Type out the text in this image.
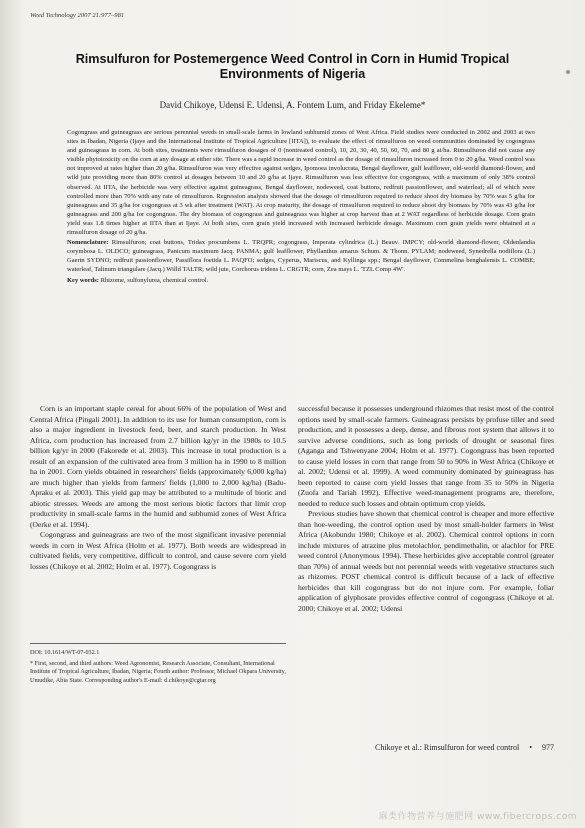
Weed Technology 2007 21:977–981
Rimsulfuron for Postemergence Weed Control in Corn in Humid Tropical
Environments of Nigeria
David Chikoye, Udensi E. Udensi, A. Fontem Lum, and Friday Ekeleme*

Cogongrass and guineagrass are serious perennial weeds in small-scale farms in lowland subhumid zones of West Africa. Field studies were conducted in 2002 and 2003 at two sites in Ibadan, Nigeria (Ijaye and the International Institute of Tropical Agriculture [IITA]), to evaluate the effect of rimsulfuron on weed communities dominated by cogongrass and guineagrass in corn. At both sites, treatments were rimsulfuron dosages of 0 (nontreated control), 10, 20, 30, 40, 50, 60, 70, and 80 g ai/ha. Rimsulfuron did not cause any visible phytotoxicity on the corn at any dosage at either site. There was a rapid increase in weed control as the dosage of rimsulfuron increased from 0 to 20 g/ha. Weed control was not improved at rates higher than 20 g/ha. Rimsulfuron was very effective against sedges, Ipomoea involucrata, Bengal dayflower, gulf leafflower, old-world diamond-flower, and wild jute providing more than 80% control at dosages between 10 and 20 g/ha at Ijaye. Rimsulfuron was less effective for cogongrass, with a maximum of only 38% control observed. At IITA, the herbicide was very effective against guineagrass, Bengal dayflower, nodeweed, coat buttons, redfruit passionflower, and waterleaf; all of which were controlled more than 70% with any rate of rimsulfuron. Regression analysis showed that the dosage of rimsulfuron required to reduce shoot dry biomass by 70% was 5 g/ha for guineagrass and 35 g/ha for cogongrass at 3 wk after treatment (WAT). At crop maturity, the dosage of rimsulfuron required to reduce shoot dry biomass by 70% was 43 g/ha for guineagrass and 200 g/ha for cogongrass. The dry biomass of cogongrass and guineagrass was higher at crop harvest than at 2 WAT regardless of herbicide dosage. Corn grain yield was 1.8 times higher at IITA than at Ijaye. At both sites, corn grain yield increased with increased herbicide dosage. Maximum corn grain yields were obtained at a rimsulfuron dosage of 20 g/ha.

Nomenclature: Rimsulfuron; coat buttons, Tridax procumbens L. TRQPR; cogongrass, Imperata cylindrica (L.) Beauv. IMPCY; old-world diamond-flower, Oldenlandia corymbosa L. OLDCO; guineagrass, Panicum maximum Jacq. PANMA; gulf leafflower, Phyllanthus amarus Schum. & Thonn. PYLAM; nodeweed, Synedrella nodiflora (L.) Gaertn SYDNO; redfruit passionflower, Passiflora foetida L. PAQFO; sedges, Cyperus, Mariscus, and Kyllinga spp.; Bengal dayflower, Commelina benghalensis L. COMBE; waterleaf, Talinum triangulare (Jacq.) Willd TALTR; wild jute, Corchorus tridens L. CRGTR; corn, Zea mays L. 'TZL Comp 4W'.

Key words: Rhizome, sulfonylurea, chemical control.

Corn is an important staple cereal for about 66% of the population of West and Central Africa (Pingali 2001). In addition to its use for human consumption, corn is also a major ingredient in livestock feed, beer, and starch production. In West Africa, corn production has increased from 2.7 billion kg/yr in the 1980s to 10.5 billion kg/yr in 2000 (Fakorede et al. 2003). This increase in total production is a result of an expansion of the cultivated area from 3 million ha in 1990 to 8 million ha in 2001. Corn yields obtained in researchers' fields (approximately 6,000 kg/ha) are much higher than yields from farmers' fields (1,000 to 2,000 kg/ha) (Badu-Apraku et al. 2003). This yield gap may be attributed to a multitude of biotic and abiotic stresses. Weeds are among the most serious biotic factors that limit crop productivity in small-scale farms in the humid and subhumid zones of West Africa (Oerke et al. 1994).

Cogongrass and guineagrass are two of the most significant invasive perennial weeds in corn in West Africa (Holm et al. 1977). Both weeds are widespread in cultivated fields, very competitive, difficult to control, and cause severe corn yield losses (Chikoye et al. 2002; Holm et al. 1977). Cogongrass is

DOI: 10.1614/WT-07-032.1

* First, second, and third authors: Weed Agronomist, Research Associate, Consultant, International Institute of Tropical Agriculture, Ibadan, Nigeria; Fourth author: Professor, Michael Okpara University, Umudike, Abia State. Corresponding author's E-mail: d.chikoye@cgiar.org

successful because it possesses underground rhizomes that resist most of the control options used by small-scale farmers. Guineagrass persists by profuse tiller and seed production, and it possesses a deep, dense, and fibrous root system that allows it to survive adverse conditions, such as long periods of drought or seasonal fires (Aganga and Tshwenyane 2004; Holm et al. 1977). Cogongrass has been reported to cause yield losses in corn that range from 50 to 90% in West Africa (Chikoye et al. 2002; Udensi et al. 1999). A weed community dominated by guineagrass has been reported to cause corn yield losses that range from 35 to 50% in Nigeria (Zuofa and Tariah 1992). Effective weed-management programs are, therefore, needed to reduce such losses and obtain optimum crop yields.

Previous studies have shown that chemical control is cheaper and more effective than hoe-weeding, the control option used by most small-holder farmers in West Africa (Akobundu 1980; Chikoye et al. 2002). Chemical control options in corn include mixtures of atrazine plus metolachlor, pendimethalin, or alachlor for PRE weed control (Anonymous 1994). These herbicides give acceptable control (greater than 70%) of annual weeds but not perennial weeds with vegetative structures such as rhizomes. POST chemical control is difficult because of a lack of effective herbicides that kill cogongrass but do not injure corn. For example, foliar application of glyphosate provides effective control of cogongrass (Chikoye et al. 2000; Chikoye et al. 2002; Udensi

Chikoye et al.: Rimsulfuron for weed control • 977
麻类作物营养与施肥网 www.fibercrops.com
